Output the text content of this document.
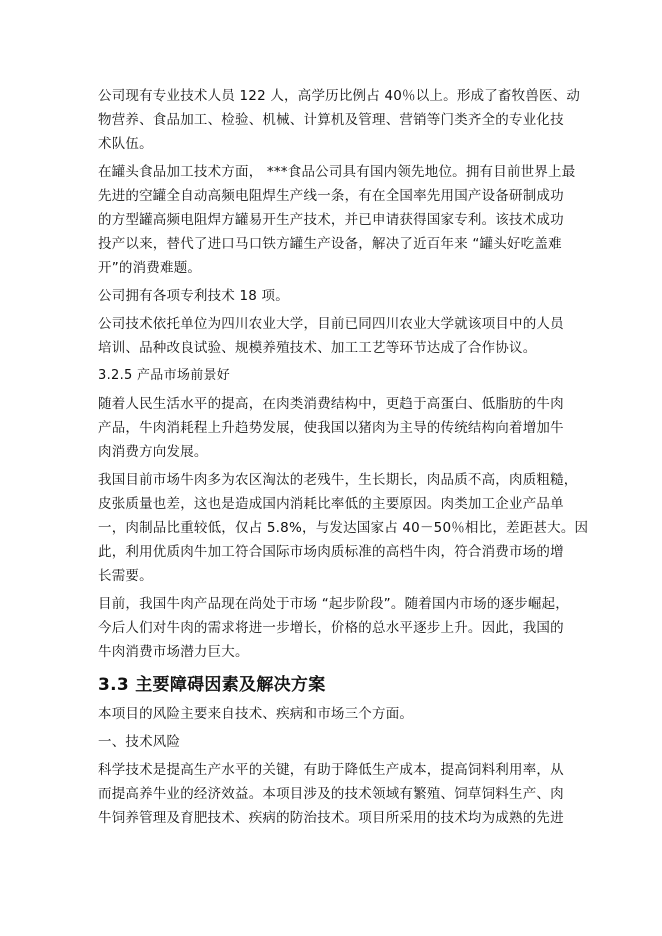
公司现有专业技术人员 122 人，高学历比例占 40％以上。形成了畜牧兽医、动
物营养、食品加工、检验、机械、计算机及管理、营销等门类齐全的专业化技
术队伍。
在罐头食品加工技术方面， ***食品公司具有国内领先地位。拥有目前世界上最
先进的空罐全自动高频电阻焊生产线一条，有在全国率先用国产设备研制成功
的方型罐高频电阻焊方罐易开生产技术，并已申请获得国家专利。该技术成功
投产以来，替代了进口马口铁方罐生产设备，解决了近百年来 “罐头好吃盖难
开”的消费难题。
公司拥有各项专利技术 18 项。
公司技术依托单位为四川农业大学，目前已同四川农业大学就该项目中的人员
培训、品种改良试验、规模养殖技术、加工工艺等环节达成了合作协议。
3.2.5 产品市场前景好
随着人民生活水平的提高，在肉类消费结构中，更趋于高蛋白、低脂肪的牛肉
产品，牛肉消耗程上升趋势发展，使我国以猪肉为主导的传统结构向着增加牛
肉消费方向发展。
我国目前市场牛肉多为农区淘汰的老残牛，生长期长，肉品质不高，肉质粗糙，
皮张质量也差，这也是造成国内消耗比率低的主要原因。肉类加工企业产品单
一，肉制品比重较低，仅占 5.8%，与发达国家占 40－50％相比，差距甚大。因
此，利用优质肉牛加工符合国际市场肉质标准的高档牛肉，符合消费市场的增
长需要。
目前，我国牛肉产品现在尚处于市场 “起步阶段”。随着国内市场的逐步崛起，
今后人们对牛肉的需求将进一步增长，价格的总水平逐步上升。因此，我国的
牛肉消费市场潜力巨大。
3.3 主要障碍因素及解决方案
本项目的风险主要来自技术、疾病和市场三个方面。
一、技术风险
科学技术是提高生产水平的关键，有助于降低生产成本，提高饲料利用率，从
而提高养牛业的经济效益。本项目涉及的技术领域有繁殖、饲草饲料生产、肉
牛饲养管理及育肥技术、疾病的防治技术。项目所采用的技术均为成熟的先进
